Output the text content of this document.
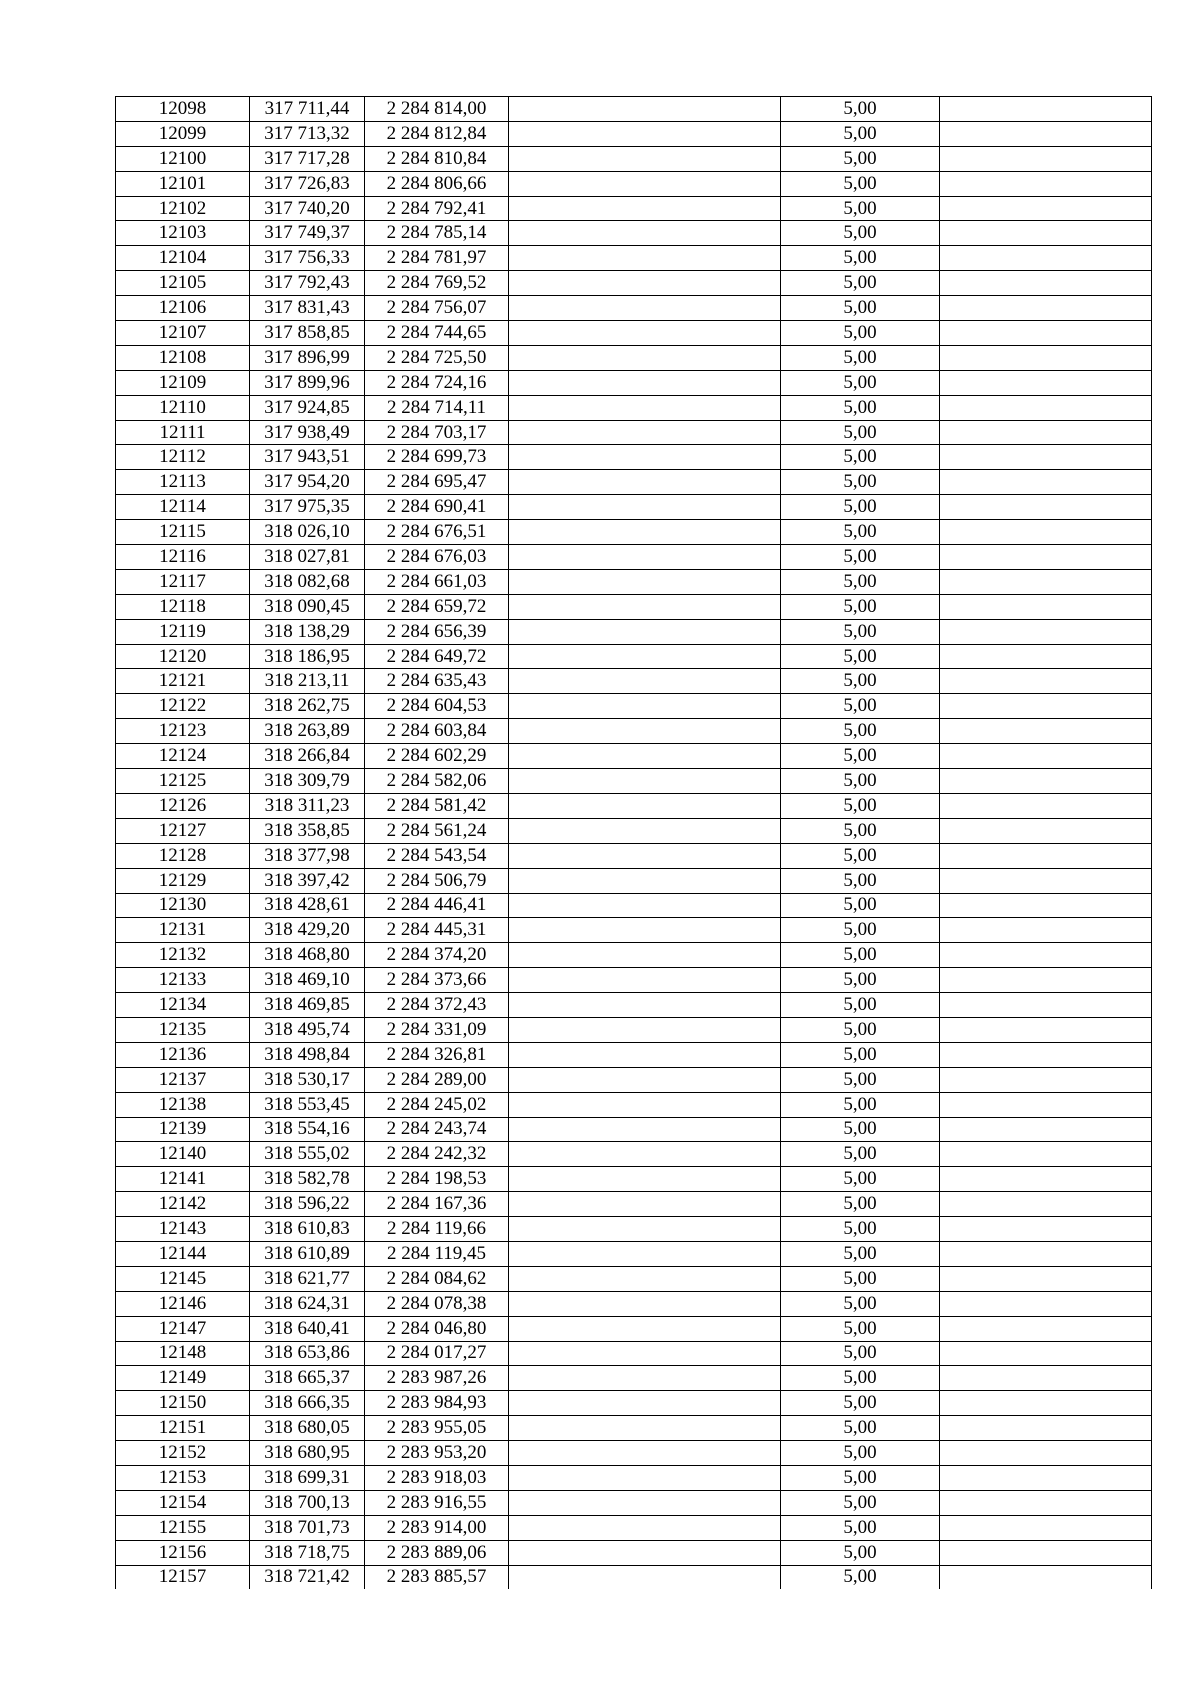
12098	317 711,44	2 284 814,00		5,00	
12099	317 713,32	2 284 812,84		5,00	
12100	317 717,28	2 284 810,84		5,00	
12101	317 726,83	2 284 806,66		5,00	
12102	317 740,20	2 284 792,41		5,00	
12103	317 749,37	2 284 785,14		5,00	
12104	317 756,33	2 284 781,97		5,00	
12105	317 792,43	2 284 769,52		5,00	
12106	317 831,43	2 284 756,07		5,00	
12107	317 858,85	2 284 744,65		5,00	
12108	317 896,99	2 284 725,50		5,00	
12109	317 899,96	2 284 724,16		5,00	
12110	317 924,85	2 284 714,11		5,00	
12111	317 938,49	2 284 703,17		5,00	
12112	317 943,51	2 284 699,73		5,00	
12113	317 954,20	2 284 695,47		5,00	
12114	317 975,35	2 284 690,41		5,00	
12115	318 026,10	2 284 676,51		5,00	
12116	318 027,81	2 284 676,03		5,00	
12117	318 082,68	2 284 661,03		5,00	
12118	318 090,45	2 284 659,72		5,00	
12119	318 138,29	2 284 656,39		5,00	
12120	318 186,95	2 284 649,72		5,00	
12121	318 213,11	2 284 635,43		5,00	
12122	318 262,75	2 284 604,53		5,00	
12123	318 263,89	2 284 603,84		5,00	
12124	318 266,84	2 284 602,29		5,00	
12125	318 309,79	2 284 582,06		5,00	
12126	318 311,23	2 284 581,42		5,00	
12127	318 358,85	2 284 561,24		5,00	
12128	318 377,98	2 284 543,54		5,00	
12129	318 397,42	2 284 506,79		5,00	
12130	318 428,61	2 284 446,41		5,00	
12131	318 429,20	2 284 445,31		5,00	
12132	318 468,80	2 284 374,20		5,00	
12133	318 469,10	2 284 373,66		5,00	
12134	318 469,85	2 284 372,43		5,00	
12135	318 495,74	2 284 331,09		5,00	
12136	318 498,84	2 284 326,81		5,00	
12137	318 530,17	2 284 289,00		5,00	
12138	318 553,45	2 284 245,02		5,00	
12139	318 554,16	2 284 243,74		5,00	
12140	318 555,02	2 284 242,32		5,00	
12141	318 582,78	2 284 198,53		5,00	
12142	318 596,22	2 284 167,36		5,00	
12143	318 610,83	2 284 119,66		5,00	
12144	318 610,89	2 284 119,45		5,00	
12145	318 621,77	2 284 084,62		5,00	
12146	318 624,31	2 284 078,38		5,00	
12147	318 640,41	2 284 046,80		5,00	
12148	318 653,86	2 284 017,27		5,00	
12149	318 665,37	2 283 987,26		5,00	
12150	318 666,35	2 283 984,93		5,00	
12151	318 680,05	2 283 955,05		5,00	
12152	318 680,95	2 283 953,20		5,00	
12153	318 699,31	2 283 918,03		5,00	
12154	318 700,13	2 283 916,55		5,00	
12155	318 701,73	2 283 914,00		5,00	
12156	318 718,75	2 283 889,06		5,00	
12157	318 721,42	2 283 885,57		5,00	
